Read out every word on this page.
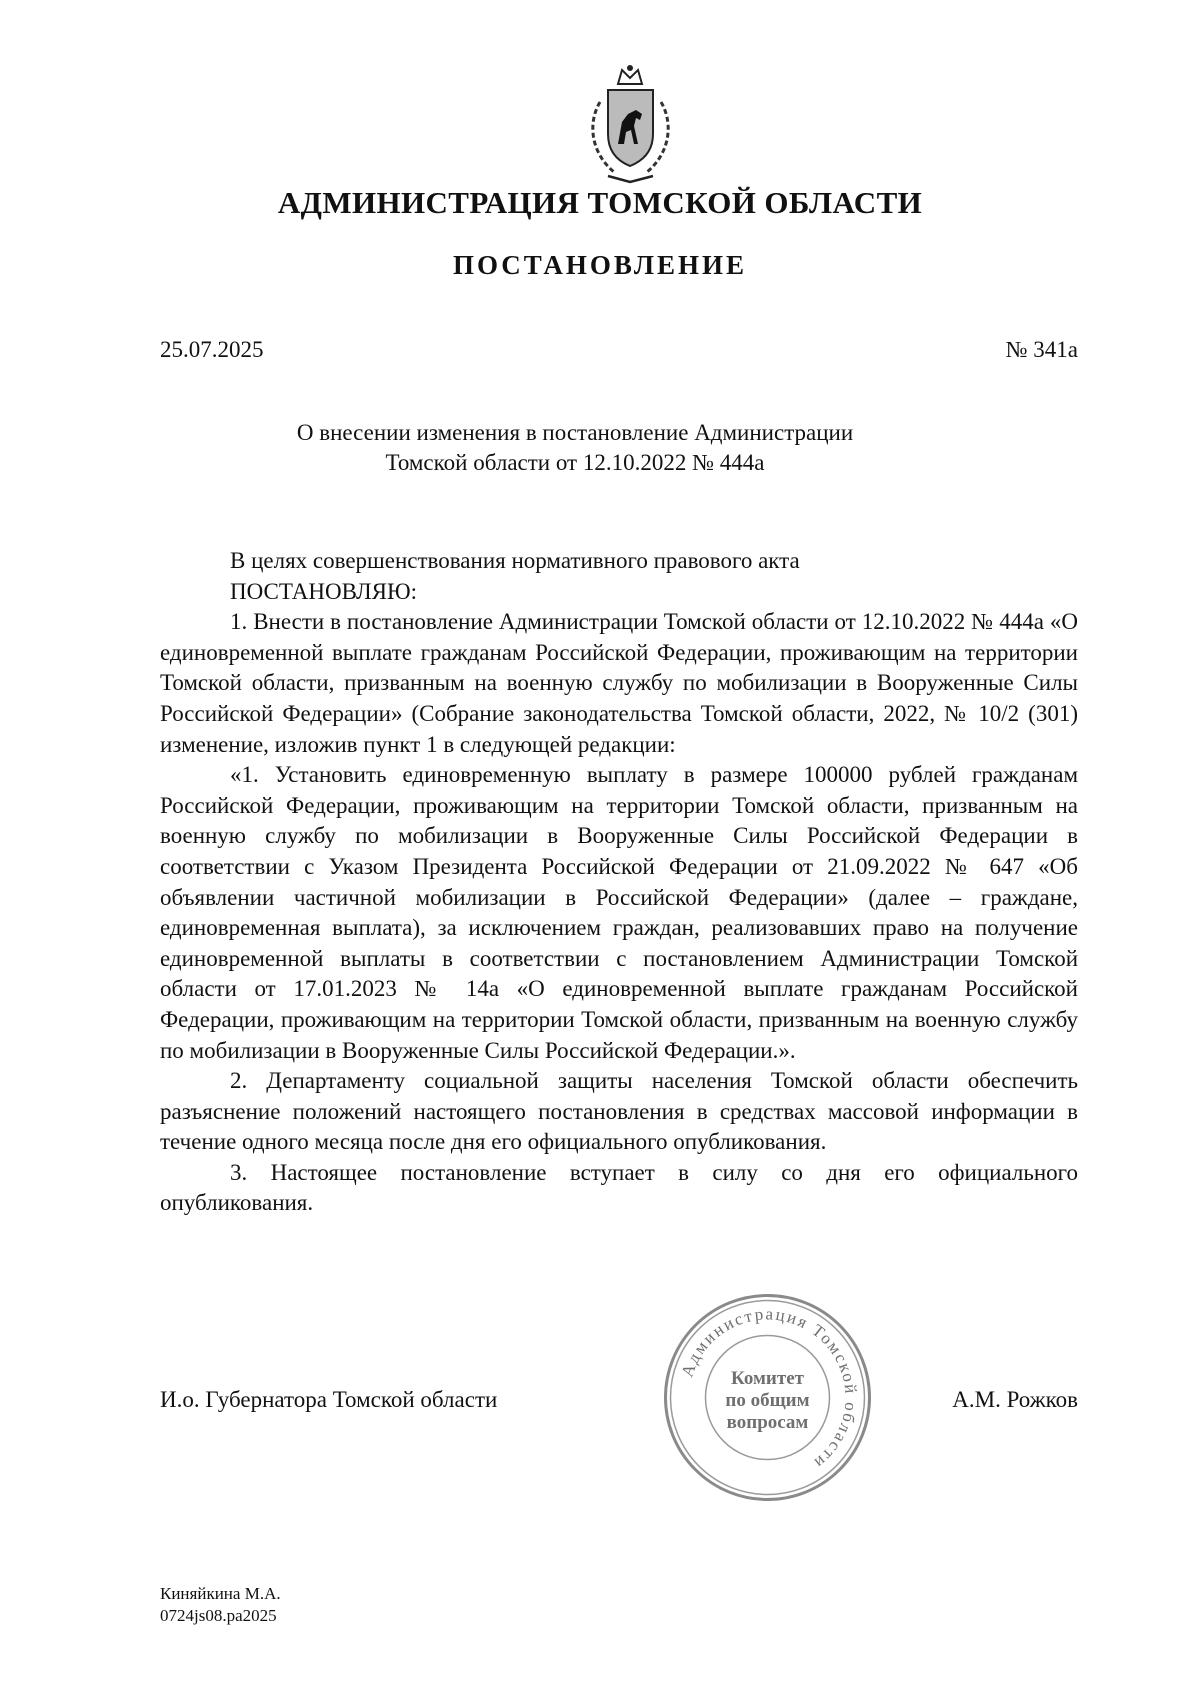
АДМИНИСТРАЦИЯ ТОМСКОЙ ОБЛАСТИ
ПОСТАНОВЛЕНИЕ
25.07.2025	№ 341а
О внесении изменения в постановление Администрации
Томской области от 12.10.2022 № 444а

В целях совершенствования нормативного правового акта

ПОСТАНОВЛЯЮ:

1. Внести в постановление Администрации Томской области от 12.10.2022 № 444а «О единовременной выплате гражданам Российской Федерации, проживающим на территории Томской области, призванным на военную службу по мобилизации в Вооруженные Силы Российской Федерации» (Собрание законодательства Томской области, 2022, № 10/2 (301) изменение, изложив пункт 1 в следующей редакции:

«1. Установить единовременную выплату в размере 100000 рублей гражданам Российской Федерации, проживающим на территории Томской области, призванным на военную службу по мобилизации в Вооруженные Силы Российской Федерации в соответствии с Указом Президента Российской Федерации от 21.09.2022 № 647 «Об объявлении частичной мобилизации в Российской Федерации» (далее – граждане, единовременная выплата), за исключением граждан, реализовавших право на получение единовременной выплаты в соответствии с постановлением Администрации Томской области от 17.01.2023 № 14а «О единовременной выплате гражданам Российской Федерации, проживающим на территории Томской области, призванным на военную службу по мобилизации в Вооруженные Силы Российской Федерации.».

2. Департаменту социальной защиты населения Томской области обеспечить разъяснение положений настоящего постановления в средствах массовой информации в течение одного месяца после дня его официального опубликования.

3. Настоящее постановление вступает в силу со дня его официального опубликования.

И.о. Губернатора Томской области	А.М. Рожков
Администрация Томской области
Комитет
по общим
вопросам
Киняйкина М.А.
0724js08.ра2025
